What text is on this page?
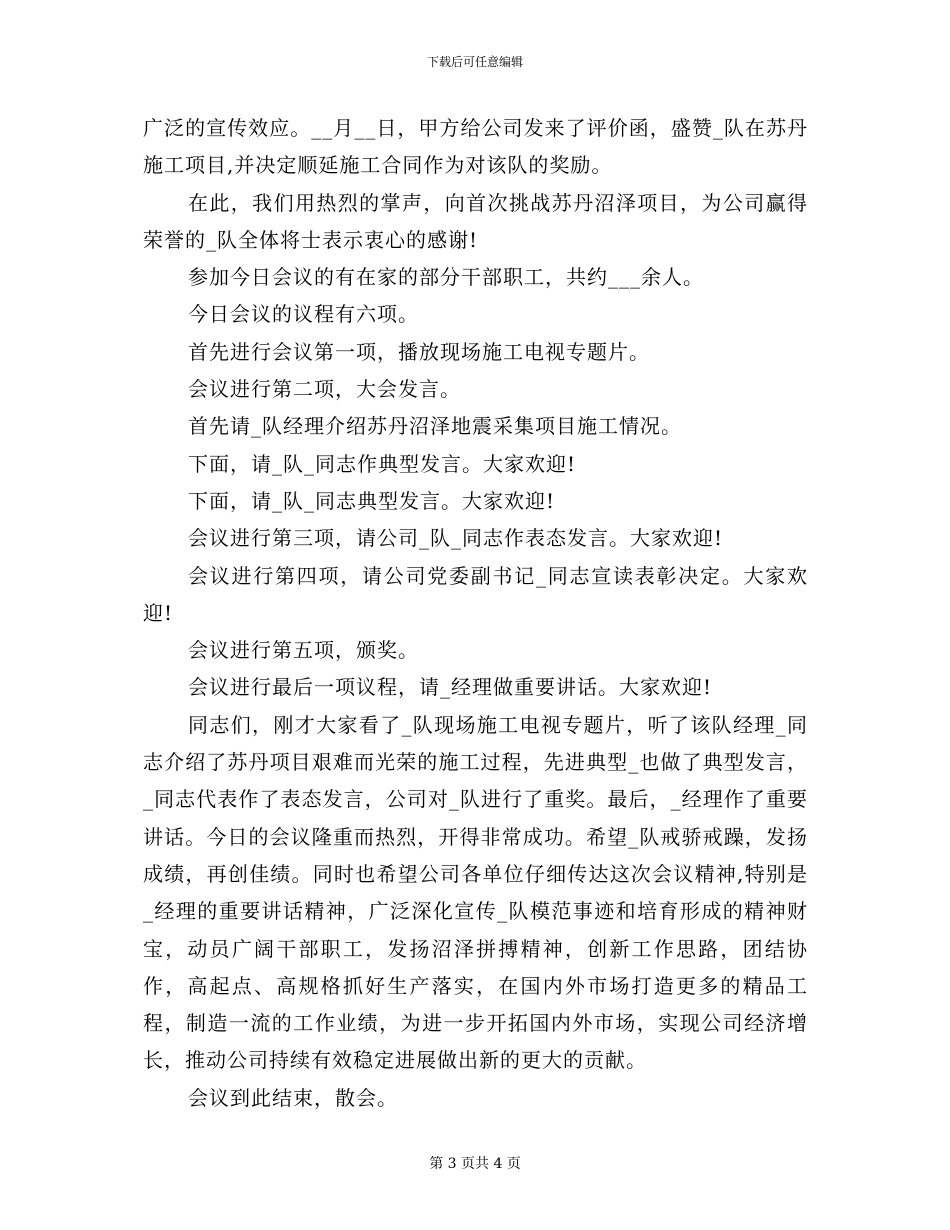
下载后可任意编辑

广泛的宣传效应。__月__日，甲方给公司发来了评价函，盛赞_队在苏丹施工项目,并决定顺延施工合同作为对该队的奖励。

在此，我们用热烈的掌声，向首次挑战苏丹沼泽项目，为公司赢得荣誉的_队全体将士表示衷心的感谢!

参加今日会议的有在家的部分干部职工，共约___余人。

今日会议的议程有六项。

首先进行会议第一项，播放现场施工电视专题片。

会议进行第二项，大会发言。

首先请_队经理介绍苏丹沼泽地震采集项目施工情况。

下面，请_队_同志作典型发言。大家欢迎!

下面，请_队_同志典型发言。大家欢迎!

会议进行第三项，请公司_队_同志作表态发言。大家欢迎!

会议进行第四项，请公司党委副书记_同志宣读表彰决定。大家欢迎!

会议进行第五项，颁奖。

会议进行最后一项议程，请_经理做重要讲话。大家欢迎!

同志们，刚才大家看了_队现场施工电视专题片，听了该队经理_同志介绍了苏丹项目艰难而光荣的施工过程，先进典型_也做了典型发言，_同志代表作了表态发言，公司对_队进行了重奖。最后，_经理作了重要讲话。今日的会议隆重而热烈，开得非常成功。希望_队戒骄戒躁，发扬成绩，再创佳绩。同时也希望公司各单位仔细传达这次会议精神,特别是_经理的重要讲话精神，广泛深化宣传_队模范事迹和培育形成的精神财宝，动员广阔干部职工，发扬沼泽拼搏精神，创新工作思路，团结协作，高起点、高规格抓好生产落实，在国内外市场打造更多的精品工程，制造一流的工作业绩，为进一步开拓国内外市场，实现公司经济增长，推动公司持续有效稳定进展做出新的更大的贡献。

会议到此结束，散会。

第 3 页共 4 页
